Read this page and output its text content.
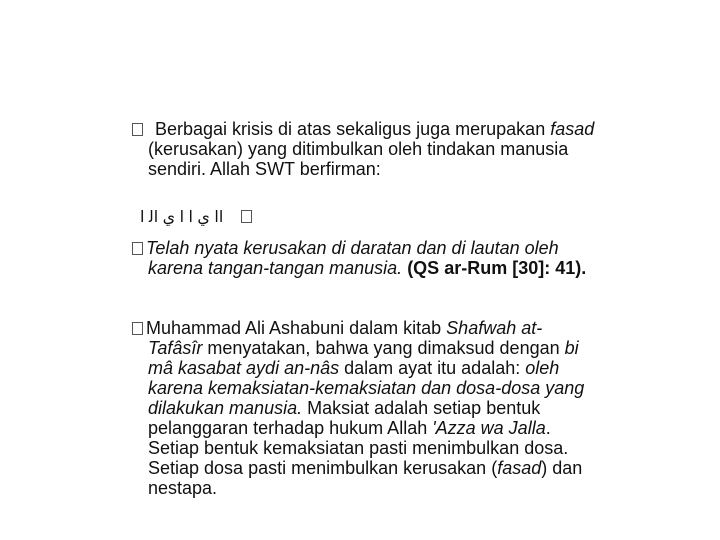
Berbagai krisis di atas sekaligus juga merupakan fasad
(kerusakan) yang ditimbulkan oleh tindakan manusia
sendiri. Allah SWT berfirman:
ﺍﺍ ﻱ ﺍ ﺍ ﻱ ﺍﻟ ﺍ
Telah nyata kerusakan di daratan dan di lautan oleh
karena tangan-tangan manusia. (QS ar-Rum [30]: 41).
Muhammad Ali Ashabuni dalam kitab Shafwah at-
Tafâsîr menyatakan, bahwa yang dimaksud dengan bi
mâ kasabat aydi an-nâs dalam ayat itu adalah: oleh
karena kemaksiatan-kemaksiatan dan dosa-dosa yang
dilakukan manusia. Maksiat adalah setiap bentuk
pelanggaran terhadap hukum Allah 'Azza wa Jalla.
Setiap bentuk kemaksiatan pasti menimbulkan dosa.
Setiap dosa pasti menimbulkan kerusakan (fasad) dan
nestapa.
